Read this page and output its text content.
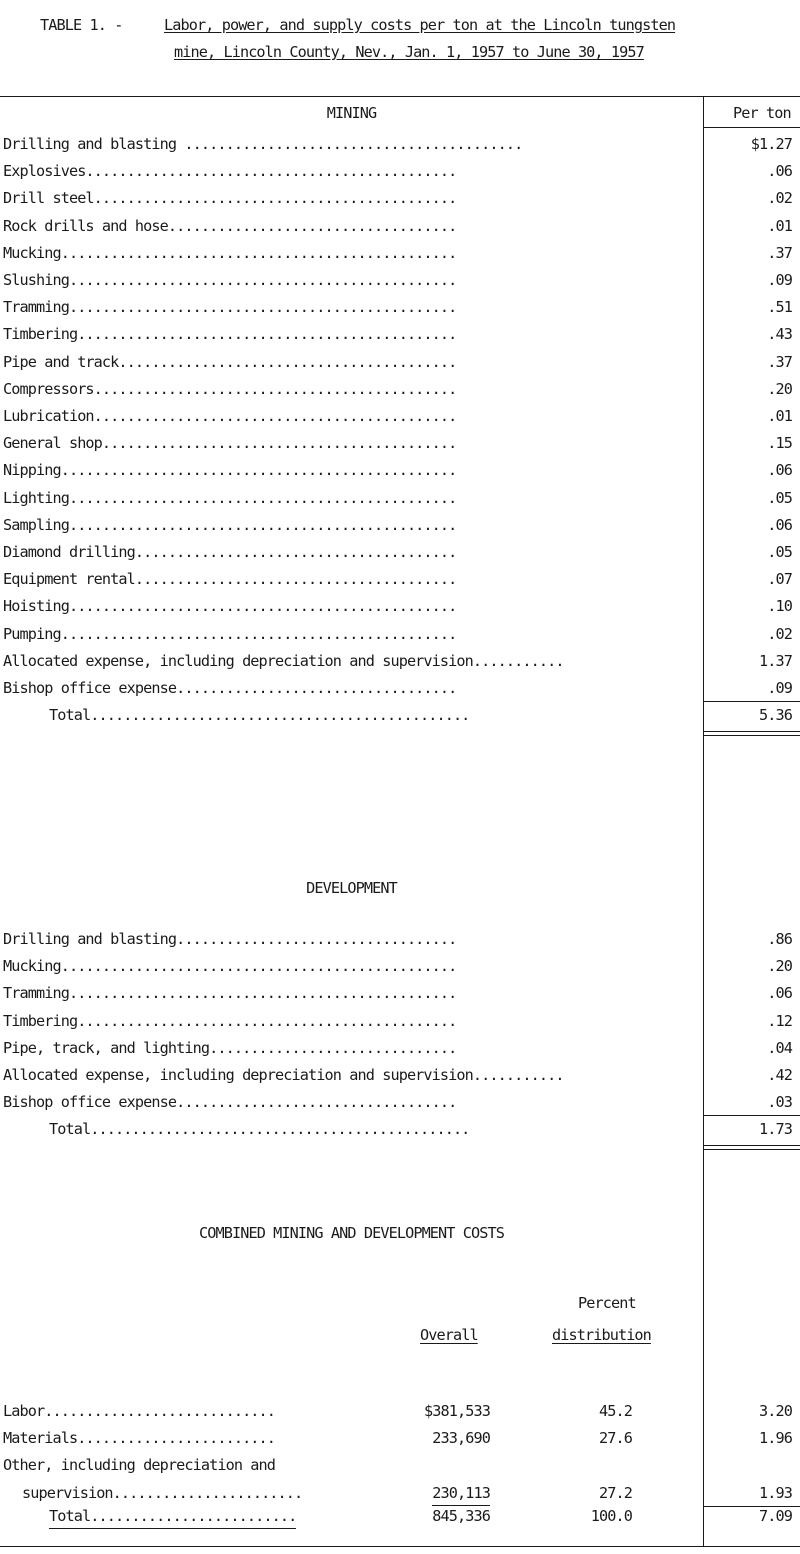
TABLE 1. -	Labor, power, and supply costs per ton at the Lincoln tungsten
mine, Lincoln County, Nev., Jan. 1, 1957 to June 30, 1957
MINING	Per ton
Drilling and blasting .........................................	$1.27
Explosives.............................................	.06
Drill steel............................................	.02
Rock drills and hose...................................	.01
Mucking................................................	.37
Slushing...............................................	.09
Tramming...............................................	.51
Timbering..............................................	.43
Pipe and track.........................................	.37
Compressors............................................	.20
Lubrication............................................	.01
General shop...........................................	.15
Nipping................................................	.06
Lighting...............................................	.05
Sampling...............................................	.06
Diamond drilling.......................................	.05
Equipment rental.......................................	.07
Hoisting...............................................	.10
Pumping................................................	.02
Allocated expense, including depreciation and supervision...........	1.37
Bishop office expense..................................	.09
Total..............................................	5.36
DEVELOPMENT
Drilling and blasting..................................	.86
Mucking................................................	.20
Tramming...............................................	.06
Timbering..............................................	.12
Pipe, track, and lighting..............................	.04
Allocated expense, including depreciation and supervision...........	.42
Bishop office expense..................................	.03
Total..............................................	1.73
COMBINED MINING AND DEVELOPMENT COSTS
Overall
Percent
distribution
Labor............................	$381,533	45.2	3.20
Materials........................	233,690	27.6	1.96
Other, including depreciation and
supervision.......................	230,113	27.2	1.93
Total.........................	845,336	100.0	7.09
